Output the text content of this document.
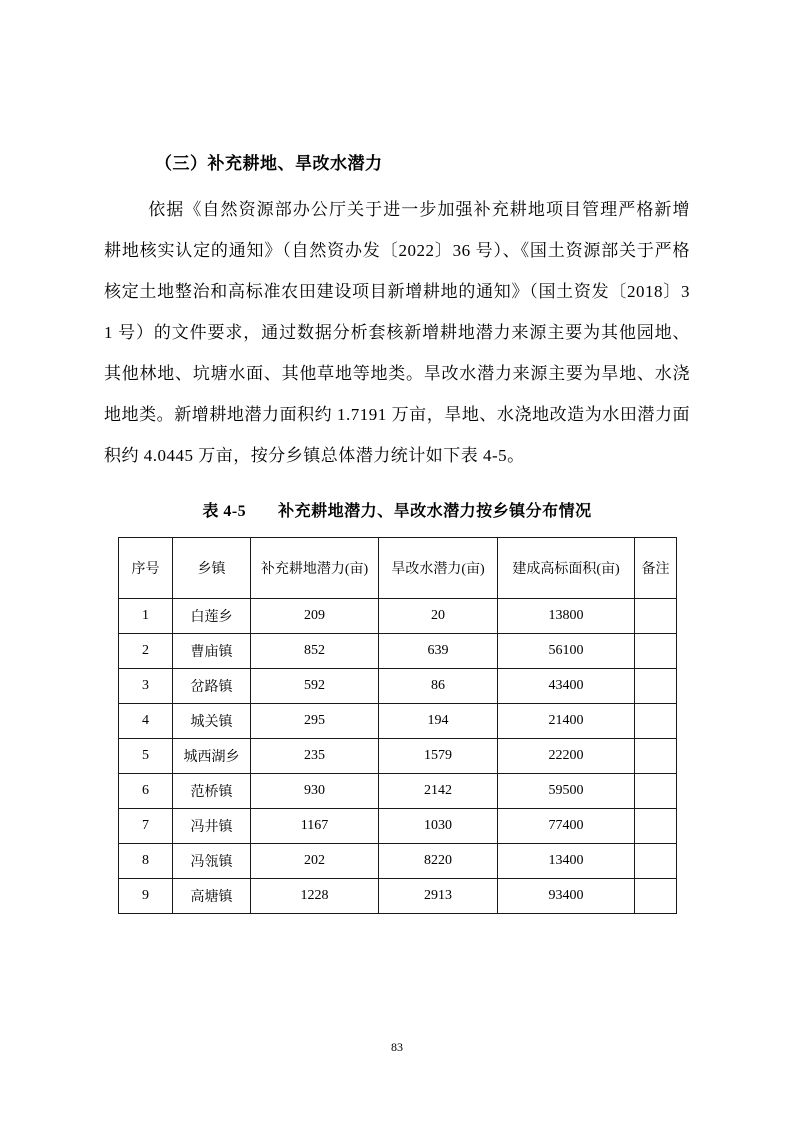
（三）补充耕地、旱改水潜力

依据《自然资源部办公厅关于进一步加强补充耕地项目管理严格新增耕地核实认定的通知》（自然资办发〔2022〕36 号）、《国土资源部关于严格核定土地整治和高标准农田建设项目新增耕地的通知》（国土资发〔2018〕31 号）的文件要求，通过数据分析套核新增耕地潜力来源主要为其他园地、其他林地、坑塘水面、其他草地等地类。旱改水潜力来源主要为旱地、水浇地地类。新增耕地潜力面积约 1.7191 万亩，旱地、水浇地改造为水田潜力面积约 4.0445 万亩，按分乡镇总体潜力统计如下表 4-5。

表 4-5 补充耕地潜力、旱改水潜力按乡镇分布情况
序号	乡镇	补充耕地潜力(亩)	旱改水潜力(亩)	建成高标面积(亩)	备注
1	白莲乡	209	20	13800	
2	曹庙镇	852	639	56100	
3	岔路镇	592	86	43400	
4	城关镇	295	194	21400	
5	城西湖乡	235	1579	22200	
6	范桥镇	930	2142	59500	
7	冯井镇	1167	1030	77400	
8	冯瓴镇	202	8220	13400	
9	高塘镇	1228	2913	93400	
83
